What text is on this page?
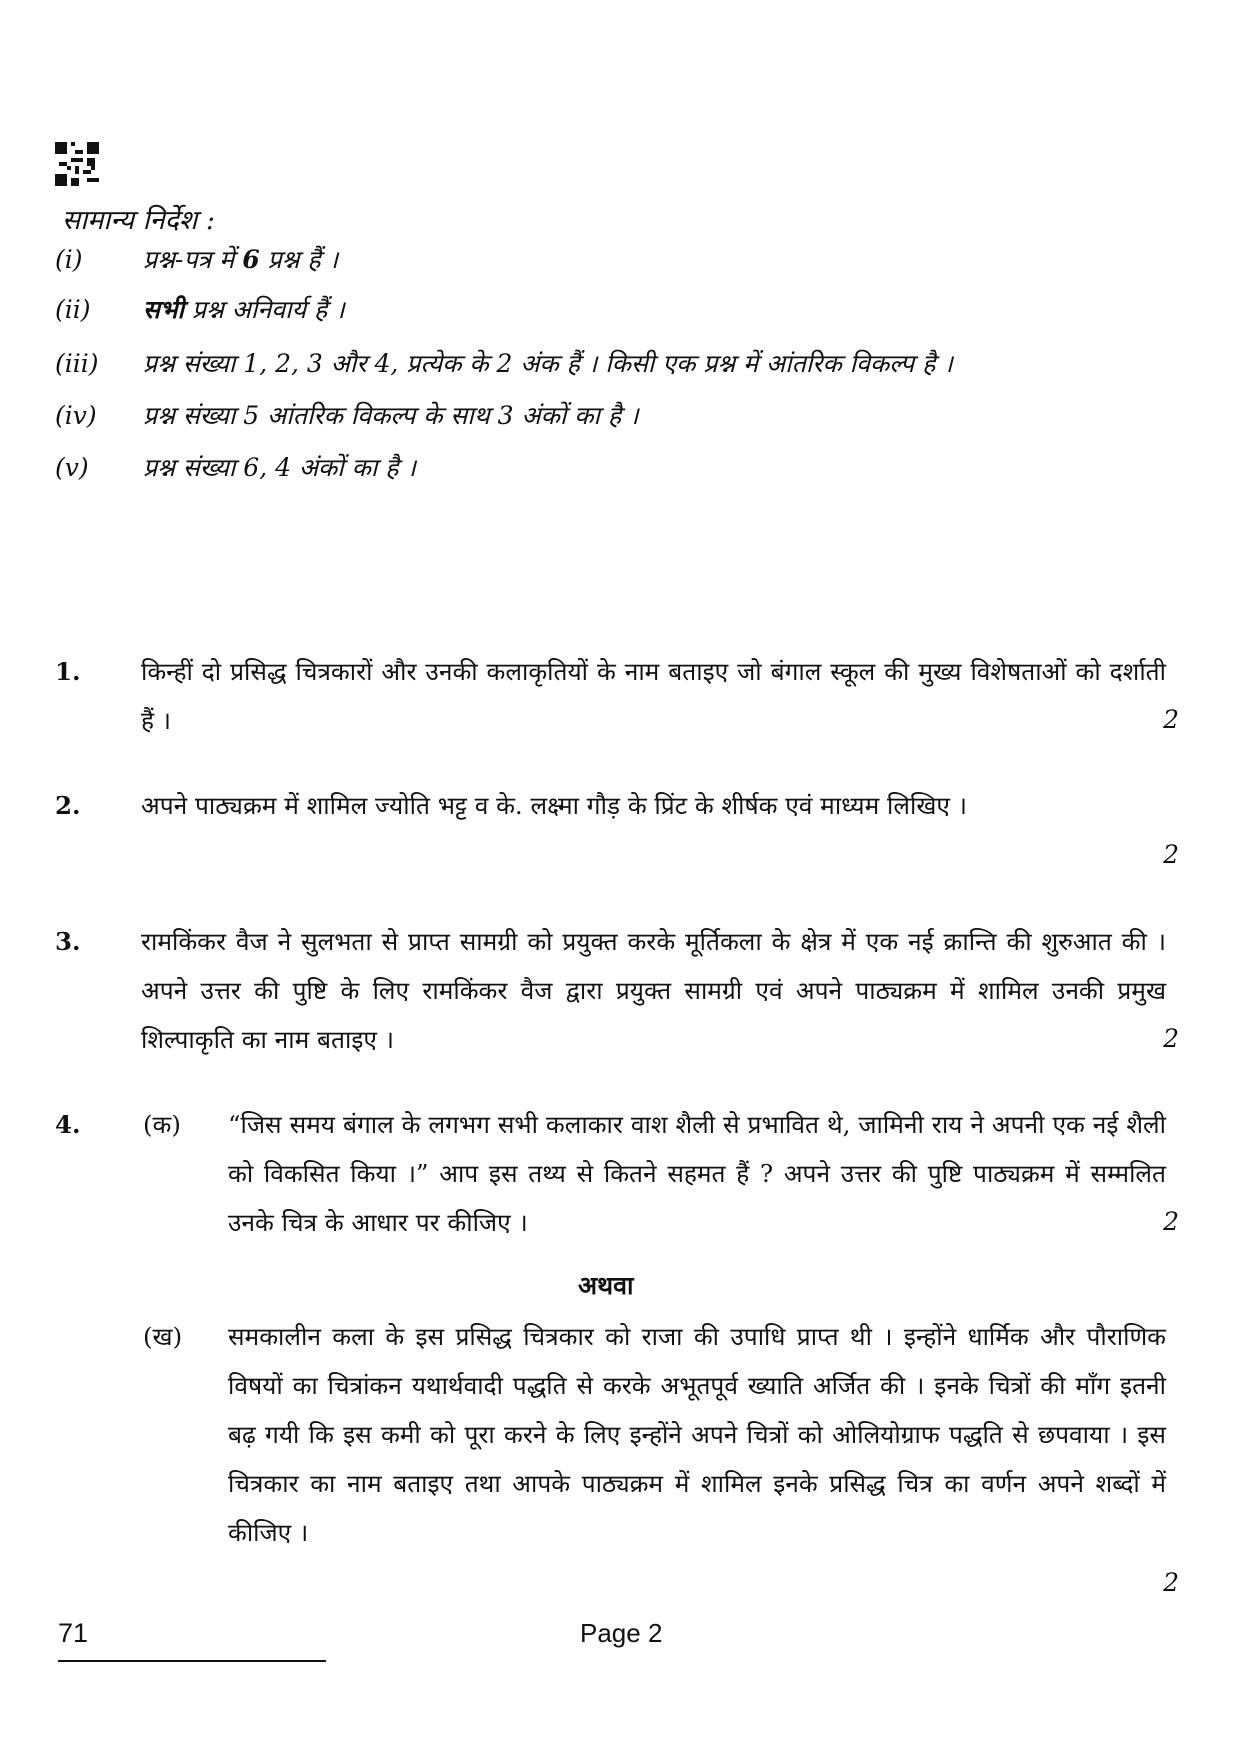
सामान्य निर्देश :
(i) प्रश्न-पत्र में 6 प्रश्न हैं ।
(ii) सभी प्रश्न अनिवार्य हैं ।
(iii) प्रश्न संख्या 1, 2, 3 और 4, प्रत्येक के 2 अंक हैं । किसी एक प्रश्न में आंतरिक विकल्प है ।
(iv) प्रश्न संख्या 5 आंतरिक विकल्प के साथ 3 अंकों का है ।
(v) प्रश्न संख्या 6, 4 अंकों का है ।
1. किन्हीं दो प्रसिद्ध चित्रकारों और उनकी कलाकृतियों के नाम बताइए जो बंगाल स्कूल की मुख्य विशेषताओं को दर्शाती हैं ।	2
2. अपने पाठ्यक्रम में शामिल ज्योति भट्ट व के. लक्ष्मा गौड़ के प्रिंट के शीर्षक एवं माध्यम लिखिए ।
2
3. रामकिंकर वैज ने सुलभता से प्राप्त सामग्री को प्रयुक्त करके मूर्तिकला के क्षेत्र में एक नई क्रान्ति की शुरुआत की । अपने उत्तर की पुष्टि के लिए रामकिंकर वैज द्वारा प्रयुक्त सामग्री एवं अपने पाठ्यक्रम में शामिल उनकी प्रमुख शिल्पाकृति का नाम बताइए ।	2
4.	(क) “जिस समय बंगाल के लगभग सभी कलाकार वाश शैली से प्रभावित थे, जामिनी राय ने अपनी एक नई शैली को विकसित किया ।” आप इस तथ्य से कितने सहमत हैं ? अपने उत्तर की पुष्टि पाठ्यक्रम में सम्मलित उनके चित्र के आधार पर कीजिए ।	2
अथवा
(ख) समकालीन कला के इस प्रसिद्ध चित्रकार को राजा की उपाधि प्राप्त थी । इन्होंने धार्मिक और पौराणिक विषयों का चित्रांकन यथार्थवादी पद्धति से करके अभूतपूर्व ख्याति अर्जित की । इनके चित्रों की माँग इतनी बढ़ गयी कि इस कमी को पूरा करने के लिए इन्होंने अपने चित्रों को ओलियोग्राफ पद्धति से छपवाया । इस चित्रकार का नाम बताइए तथा आपके पाठ्यक्रम में शामिल इनके प्रसिद्ध चित्र का वर्णन अपने शब्दों में कीजिए ।
2
71	Page 2
